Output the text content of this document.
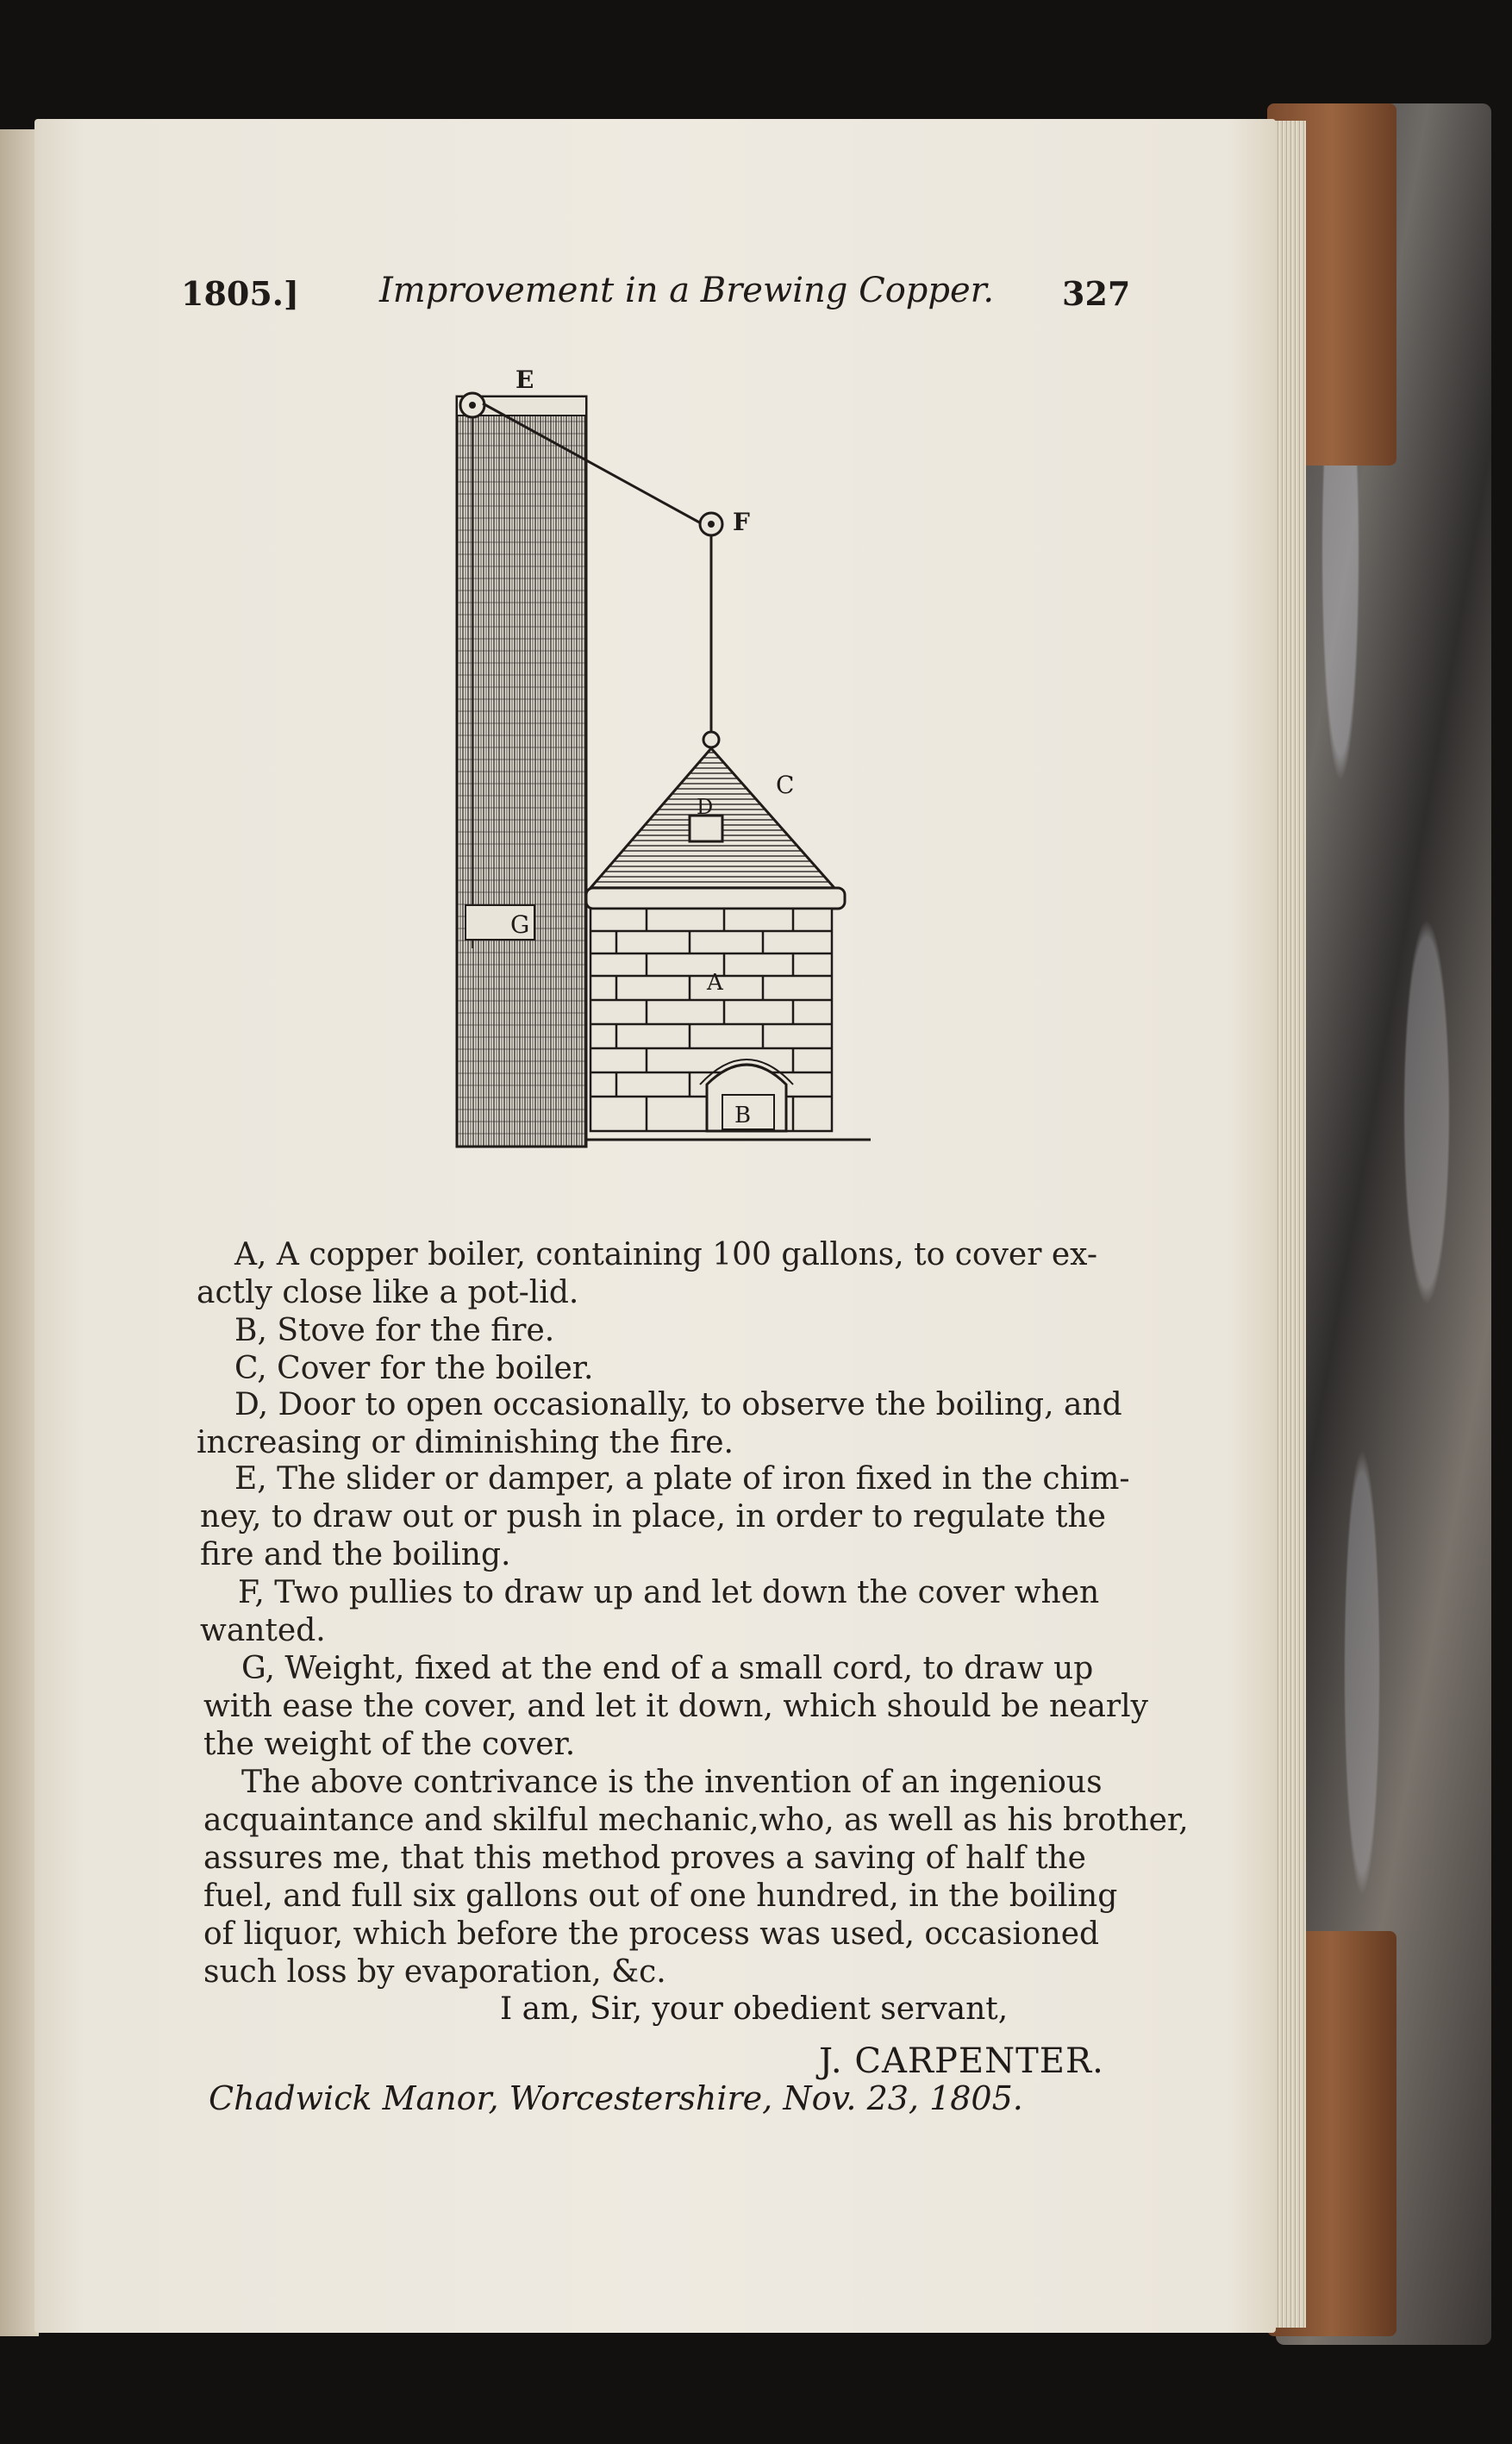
1805.] Improvement in a Brewing Copper. 327
E
F
C
D
A
B
G
A, A copper boiler, containing 100 gallons, to cover ex-
actly close like a pot-lid.
B, Stove for the fire.
C, Cover for the boiler.
D, Door to open occasionally, to observe the boiling, and
increasing or diminishing the fire.
E, The slider or damper, a plate of iron fixed in the chim-
ney, to draw out or push in place, in order to regulate the
fire and the boiling.
F, Two pullies to draw up and let down the cover when
wanted.
G, Weight, fixed at the end of a small cord, to draw up
with ease the cover, and let it down, which should be nearly
the weight of the cover.
The above contrivance is the invention of an ingenious
acquaintance and skilful mechanic,who, as well as his brother,
assures me, that this method proves a saving of half the
fuel, and full six gallons out of one hundred, in the boiling
of liquor, which before the process was used, occasioned
such loss by evaporation, &c.
I am, Sir, your obedient servant,
J. CARPENTER.
Chadwick Manor, Worcestershire, Nov. 23, 1805.
